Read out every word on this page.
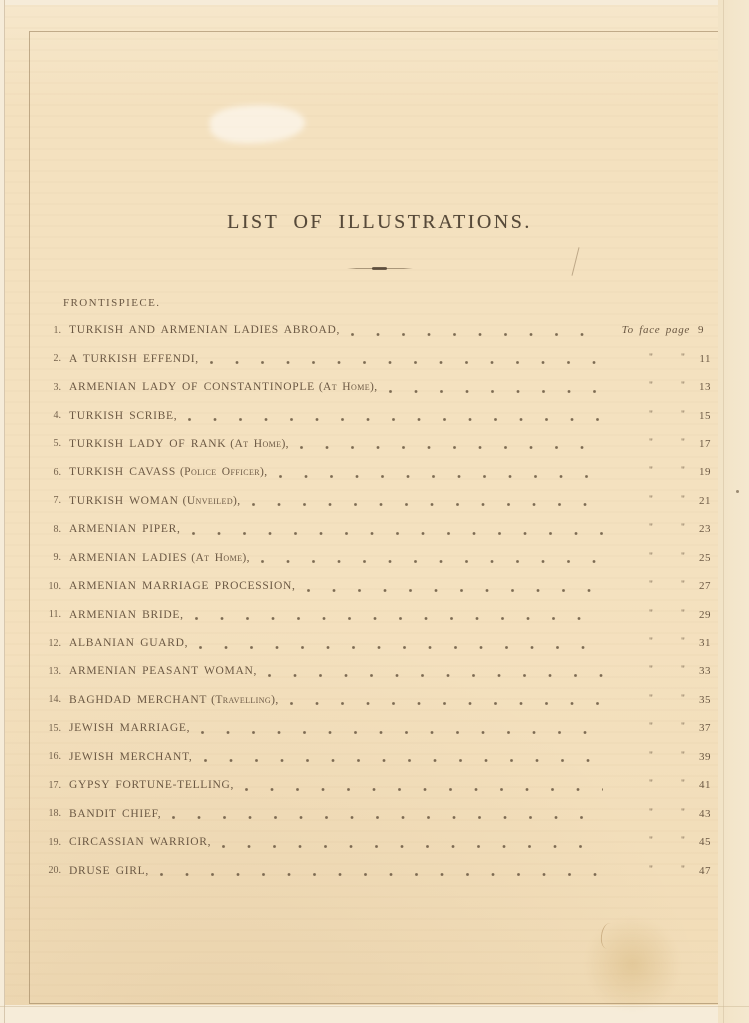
LIST OF ILLUSTRATIONS.
FRONTISPIECE.
1. TURKISH AND ARMENIAN LADIES ABROAD,	To face page 9
2. A TURKISH EFFENDI,	"	"	11
3. ARMENIAN LADY OF CONSTANTINOPLE (At Home),	"	"	13
4. TURKISH SCRIBE,	"	"	15
5. TURKISH LADY OF RANK (At Home),	"	"	17
6. TURKISH CAVASS (Police Officer),	"	"	19
7. TURKISH WOMAN (Unveiled),	"	"	21
8. ARMENIAN PIPER,	"	"	23
9. ARMENIAN LADIES (At Home),	"	"	25
10. ARMENIAN MARRIAGE PROCESSION,	"	"	27
11. ARMENIAN BRIDE,	"	"	29
12. ALBANIAN GUARD,	"	"	31
13. ARMENIAN PEASANT WOMAN,	"	"	33
14. BAGHDAD MERCHANT (Travelling),	"	"	35
15. JEWISH MARRIAGE,	"	"	37
16. JEWISH MERCHANT,	"	"	39
17. GYPSY FORTUNE-TELLING,	"	"	41
18. BANDIT CHIEF,	"	"	43
19. CIRCASSIAN WARRIOR,	"	"	45
20. DRUSE GIRL,	"	"	47
